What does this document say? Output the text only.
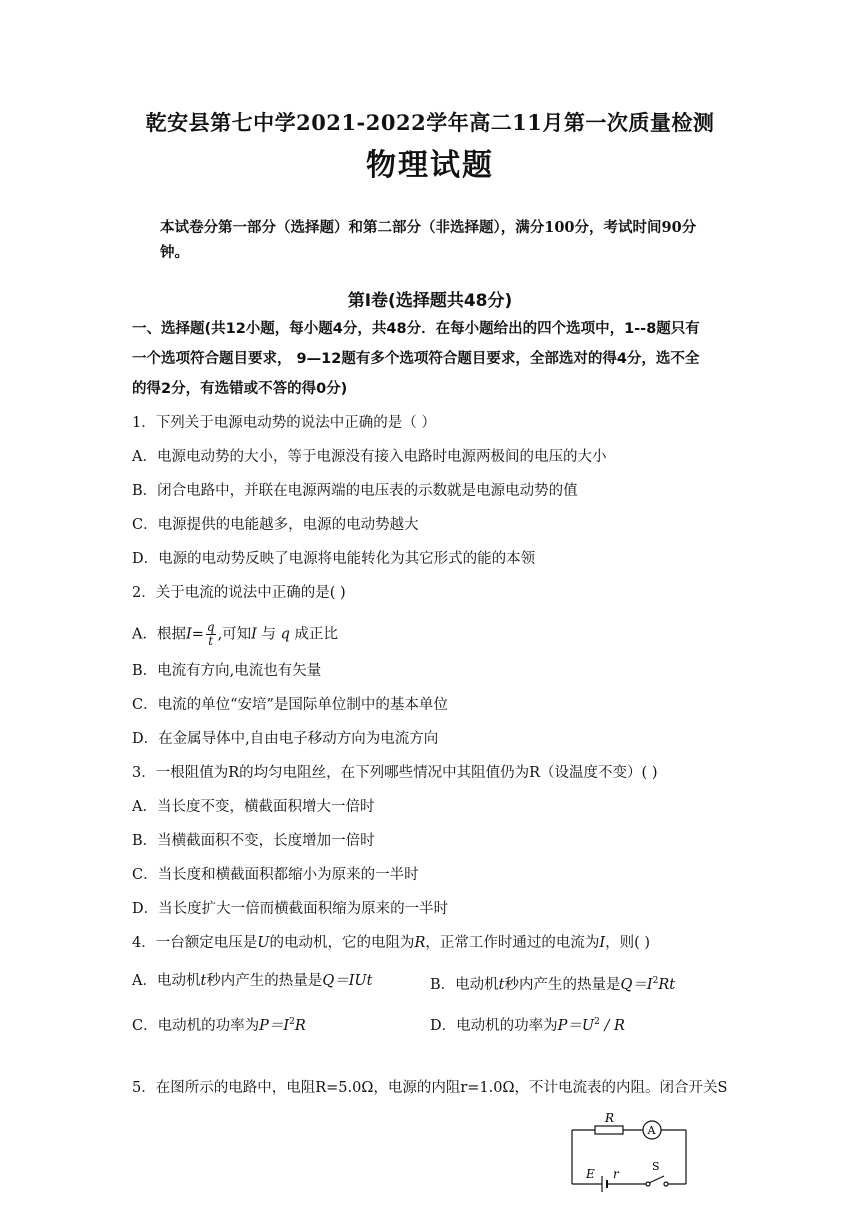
乾安县第七中学2021-2022学年高二11月第一次质量检测
物理试题
本试卷分第一部分（选择题）和第二部分（非选择题），满分100分，考试时间90分
钟。
第Ⅰ卷(选择题共48分)
一、选择题(共12小题，每小题4分，共48分．在每小题给出的四个选项中，1--8题只有
一个选项符合题目要求， 9—12题有多个选项符合题目要求，全部选对的得4分，选不全
的得2分，有选错或不答的得0分)
1．下列关于电源电动势的说法中正确的是（ ）
A．电源电动势的大小，等于电源没有接入电路时电源两极间的电压的大小
B．闭合电路中，并联在电源两端的电压表的示数就是电源电动势的值
C．电源提供的电能越多，电源的电动势越大
D．电源的电动势反映了电源将电能转化为其它形式的能的本领
2．关于电流的说法中正确的是( )
A．根据$I= \frac{q}{t}$ ,可知I 与 q 成正比
B．电流有方向,电流也有矢量
C．电流的单位“安培”是国际单位制中的基本单位
D．在金属导体中,自由电子移动方向为电流方向
3．一根阻值为R的均匀电阻丝，在下列哪些情况中其阻值仍为R（设温度不变）( )
A．当长度不变，横截面积增大一倍时
B．当横截面积不变，长度增加一倍时
C．当长度和横截面积都缩小为原来的一半时
D．当长度扩大一倍而横截面积缩为原来的一半时
4．一台额定电压是U的电动机，它的电阻为R，正常工作时通过的电流为I，则( )
A．电动机t秒内产生的热量是Q＝IUt	B．电动机t秒内产生的热量是$Q=I^2Rt$
C．电动机的功率为$P=I^2R$	D．电动机的功率为$P=U^2 / R$
5．在图所示的电路中，电阻R=5.0Ω，电源的内阻r=1.0Ω，不计电流表的内阻。闭合开关S
R
A
E r
S
